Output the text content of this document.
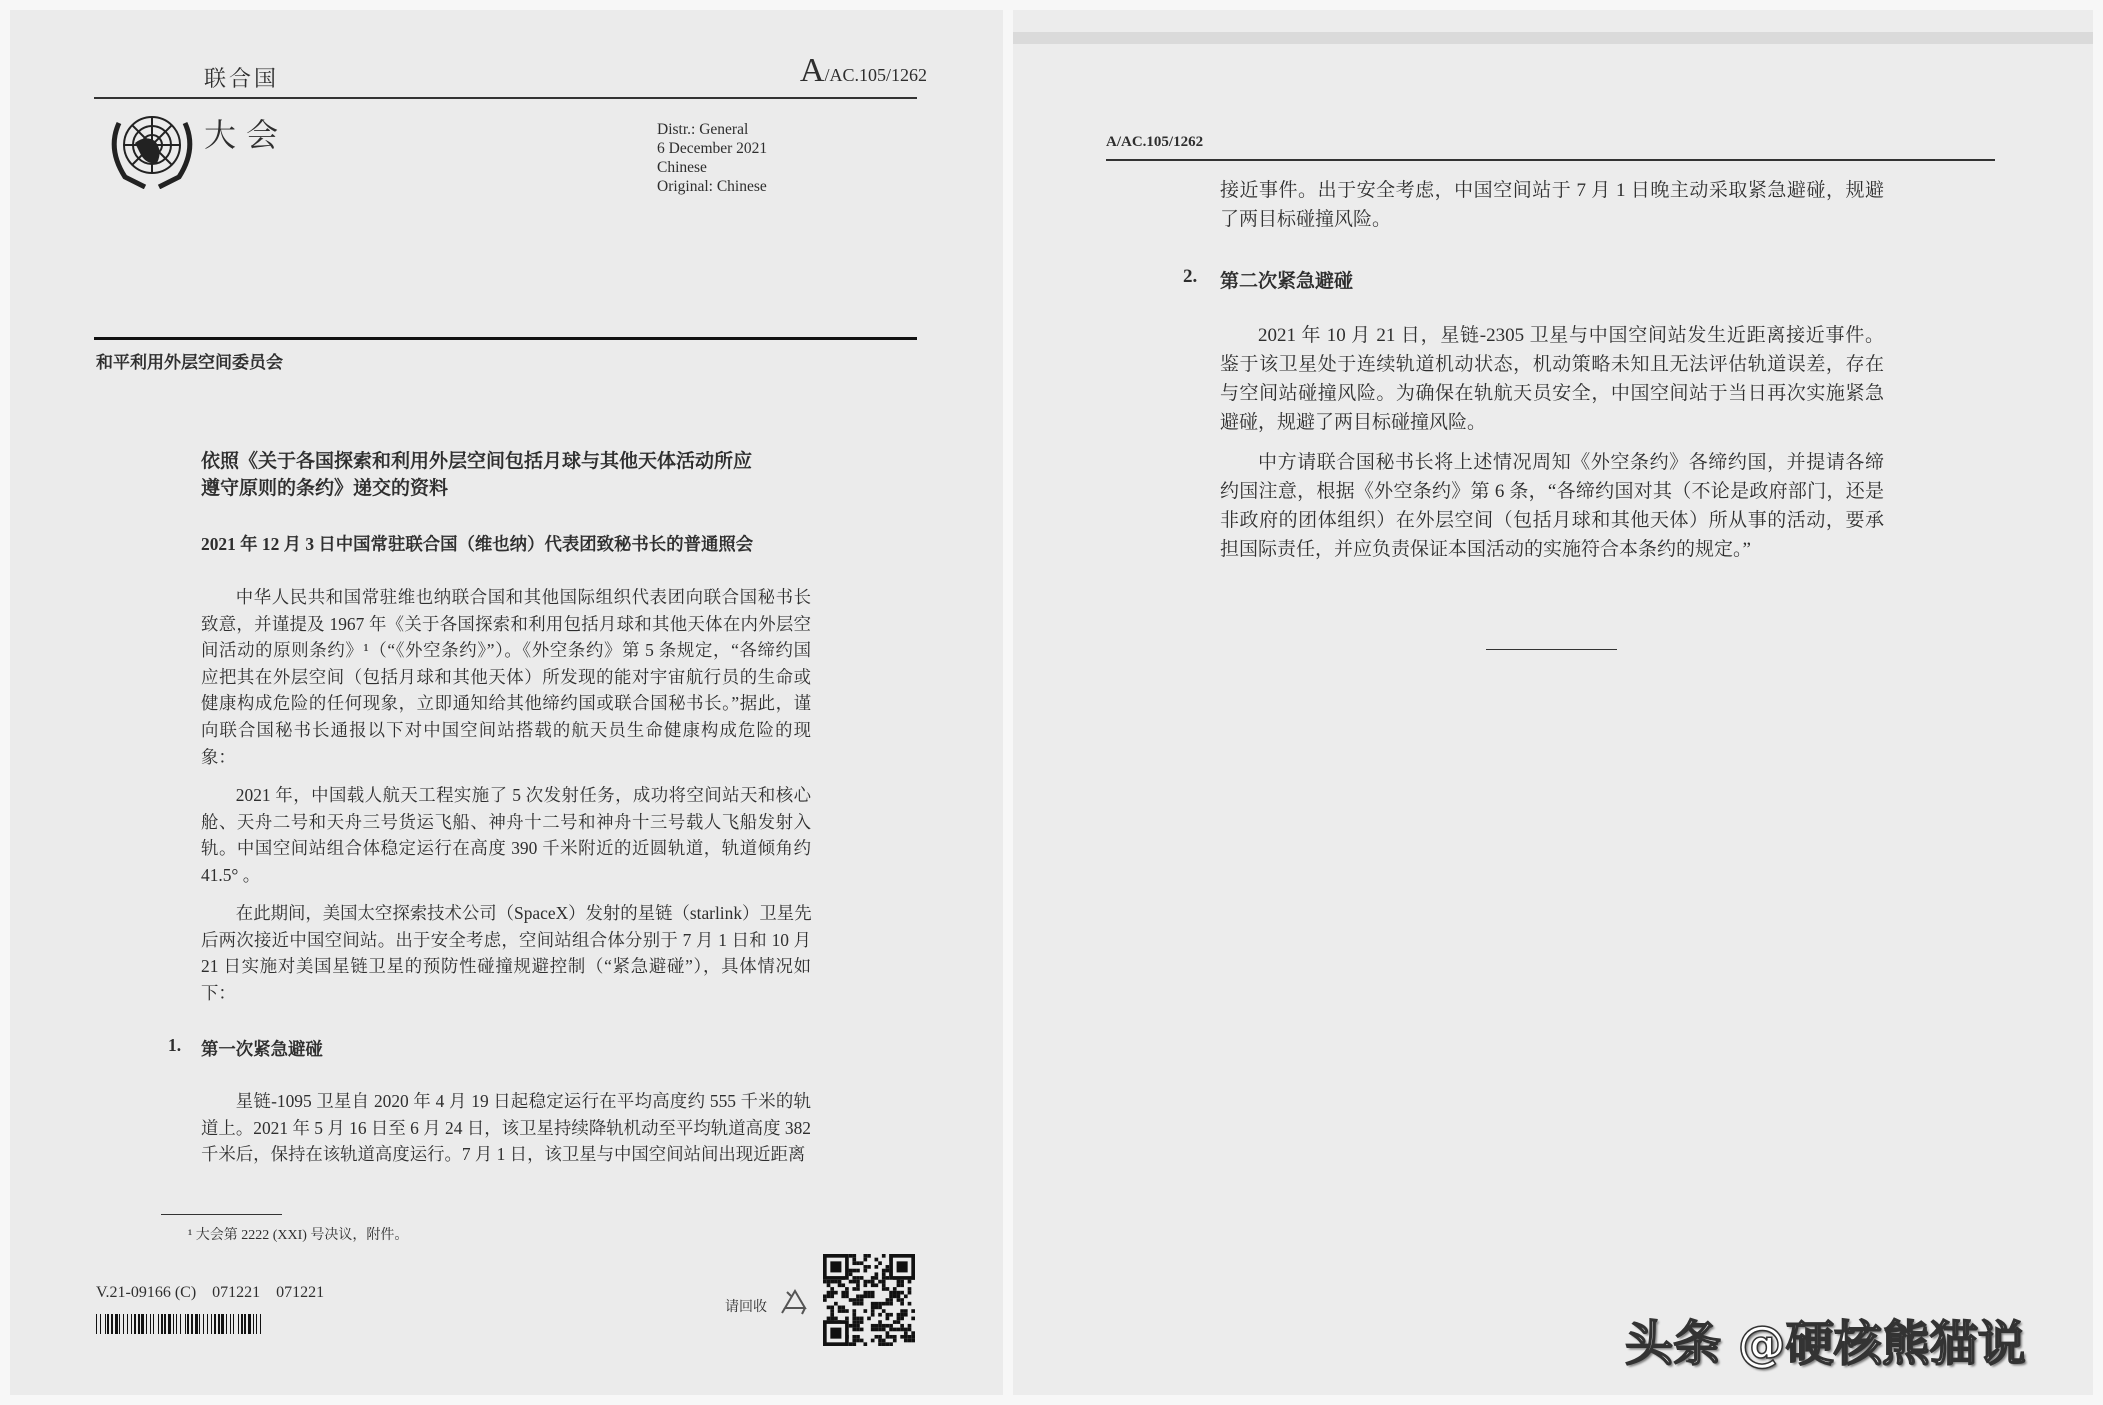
联合国	A/AC.105/1262
大 会	Distr.: General
6 December 2021
Chinese
Original: Chinese
和平利用外层空间委员会
依照《关于各国探索和利用外层空间包括月球与其他天体活动所应
遵守原则的条约》递交的资料
2021 年 12 月 3 日中国常驻联合国（维也纳）代表团致秘书长的普通照会
中华人民共和国常驻维也纳联合国和其他国际组织代表团向联合国秘书长
致意，并谨提及 1967 年《关于各国探索和利用包括月球和其他天体在内外层空
间活动的原则条约》¹（“《外空条约》”）。《外空条约》第 5 条规定，“各缔约国
应把其在外层空间（包括月球和其他天体）所发现的能对宇宙航行员的生命或
健康构成危险的任何现象，立即通知给其他缔约国或联合国秘书长。”据此，谨
向联合国秘书长通报以下对中国空间站搭载的航天员生命健康构成危险的现
象：
2021 年，中国载人航天工程实施了 5 次发射任务，成功将空间站天和核心
舱、天舟二号和天舟三号货运飞船、神舟十二号和神舟十三号载人飞船发射入
轨。中国空间站组合体稳定运行在高度 390 千米附近的近圆轨道，轨道倾角约
41.5° 。
在此期间，美国太空探索技术公司（SpaceX）发射的星链（starlink）卫星先
后两次接近中国空间站。出于安全考虑，空间站组合体分别于 7 月 1 日和 10 月
21 日实施对美国星链卫星的预防性碰撞规避控制（“紧急避碰”），具体情况如
下：
1. 第一次紧急避碰
星链-1095 卫星自 2020 年 4 月 19 日起稳定运行在平均高度约 555 千米的轨
道上。2021 年 5 月 16 日至 6 月 24 日，该卫星持续降轨机动至平均轨道高度 382
千米后，保持在该轨道高度运行。7 月 1 日，该卫星与中国空间站间出现近距离
¹ 大会第 2222 (XXI) 号决议，附件。
V.21-09166 (C)    071221    071221
请回收
A/AC.105/1262
接近事件。出于安全考虑，中国空间站于 7 月 1 日晚主动采取紧急避碰，规避
了两目标碰撞风险。
2. 第二次紧急避碰
2021 年 10 月 21 日，星链-2305 卫星与中国空间站发生近距离接近事件。
鉴于该卫星处于连续轨道机动状态，机动策略未知且无法评估轨道误差，存在
与空间站碰撞风险。为确保在轨航天员安全，中国空间站于当日再次实施紧急
避碰，规避了两目标碰撞风险。
中方请联合国秘书长将上述情况周知《外空条约》各缔约国，并提请各缔
约国注意，根据《外空条约》第 6 条，“各缔约国对其（不论是政府部门，还是
非政府的团体组织）在外层空间（包括月球和其他天体）所从事的活动，要承
担国际责任，并应负责保证本国活动的实施符合本条约的规定。”
头条 @硬核熊猫说
